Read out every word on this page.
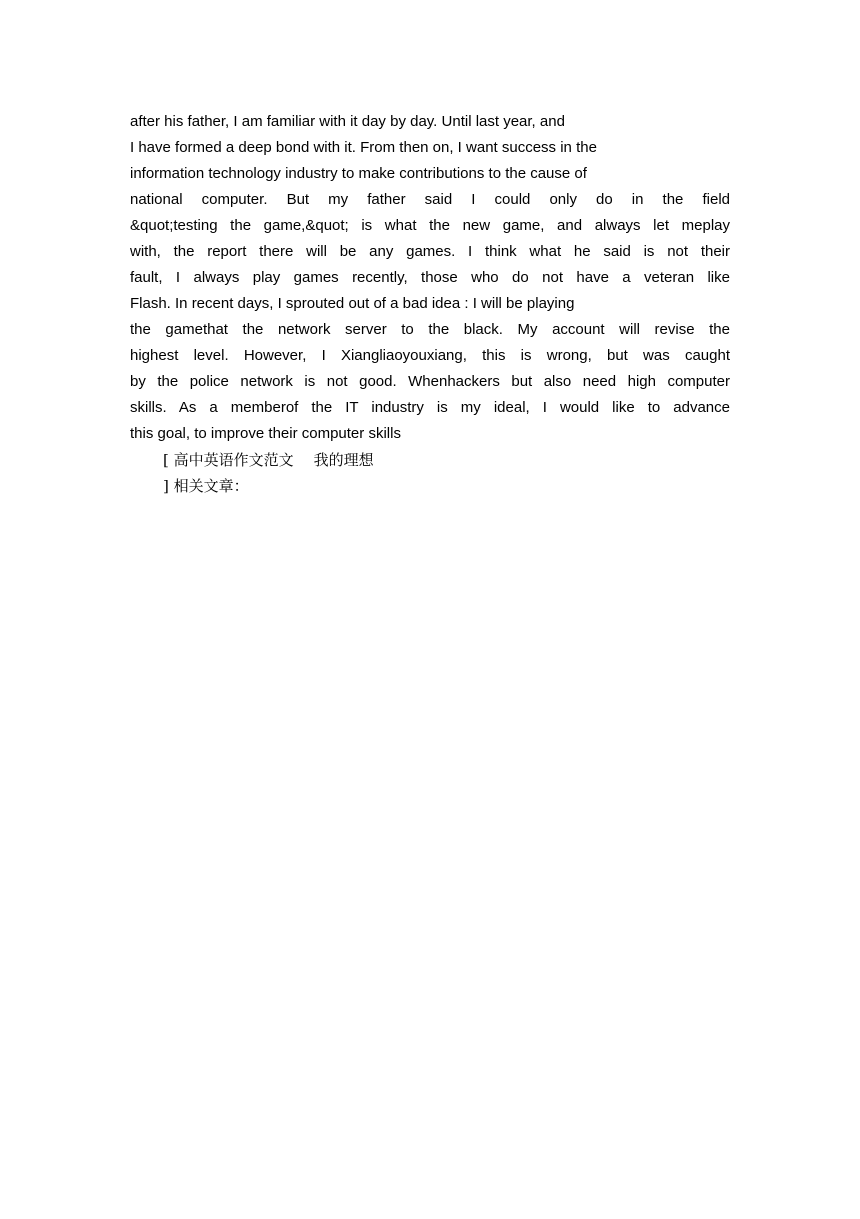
after his father, I am familiar with it day by day. Until last year, and
I have formed a deep bond with it. From then on, I want success in the
information technology industry to make contributions to the cause of
national computer. But my father said I could only do in the field
&quot;testing the game,&quot; is what the new game, and always let meplay
with, the report there will be any games. I think what he said is not their
fault, I always play games recently, those who do not have a veteran like
Flash. In recent days, I sprouted out of a bad idea : I will be playing
the gamethat the network server to the black. My account will revise the
highest level. However, I Xiangliaoyouxiang, this is wrong, but was caught
by the police network is not good. Whenhackers but also need high computer
skills. As a memberof the IT industry is my ideal, I would like to advance
this goal, to improve their computer skills
[ 高中英语作文范文 我的理想
] 相关文章：
